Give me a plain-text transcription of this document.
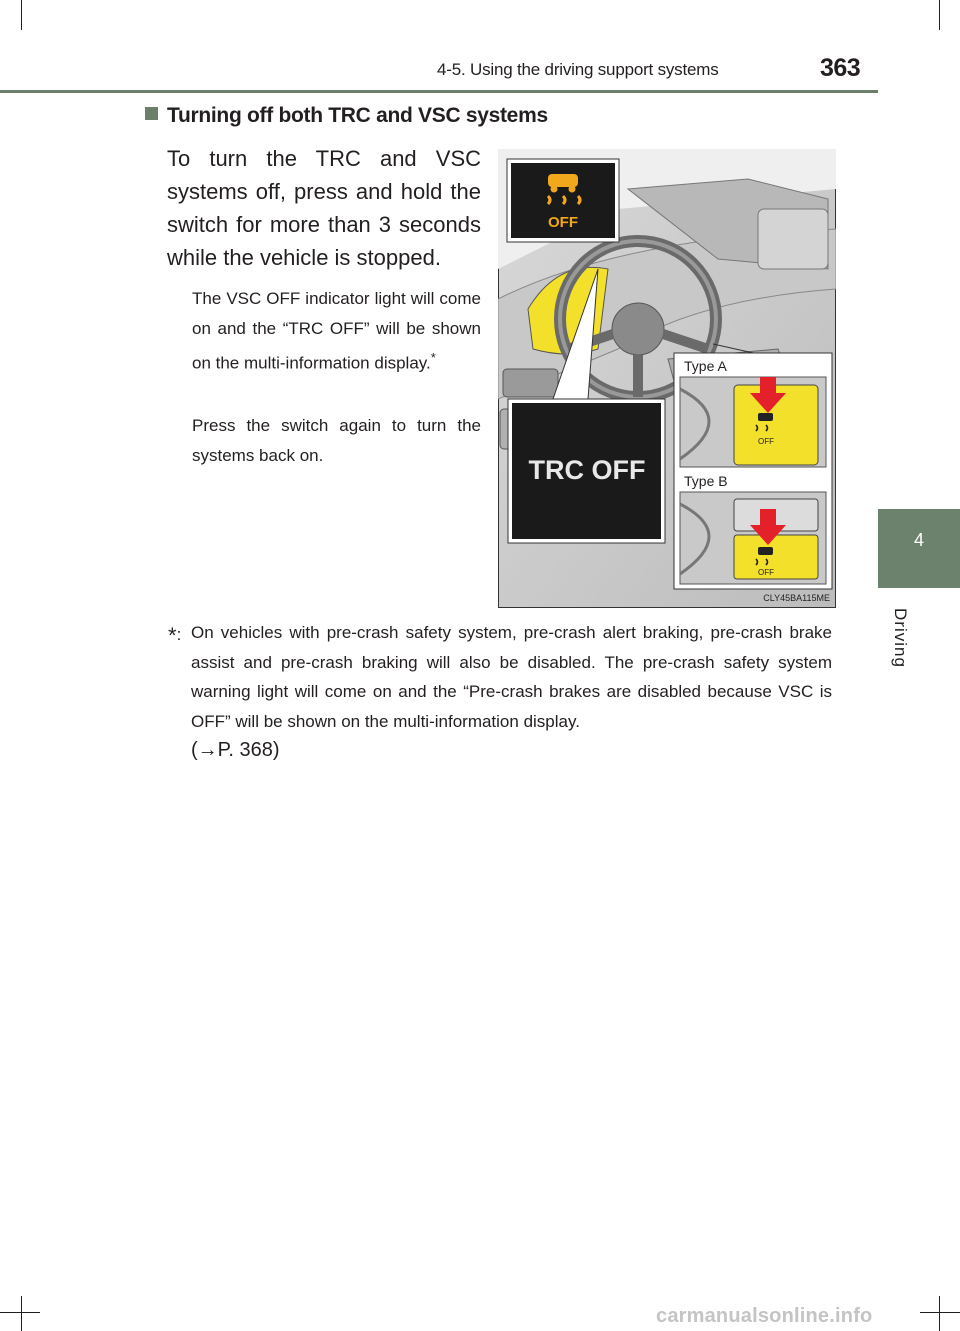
4-5. Using the driving support systems	363
4
Driving
Turning off both TRC and VSC systems
To turn the TRC and VSC systems off, press and hold the switch for more than 3 seconds while the vehicle is stopped.
The VSC OFF indicator light will come on and the “TRC OFF” will be shown on the multi-information display.*
Press the switch again to turn the systems back on.
OFF
TRC OFF
Type A
OFF
Type B
OFF
CLY45BA115ME
*: On vehicles with pre-crash safety system, pre-crash alert braking, pre-crash brake assist and pre-crash braking will also be disabled. The pre-crash safety system warning light will come on and the “Pre-crash brakes are disabled because VSC is OFF” will be shown on the multi-information display.
(→P. 368)
carmanualsonline.info
